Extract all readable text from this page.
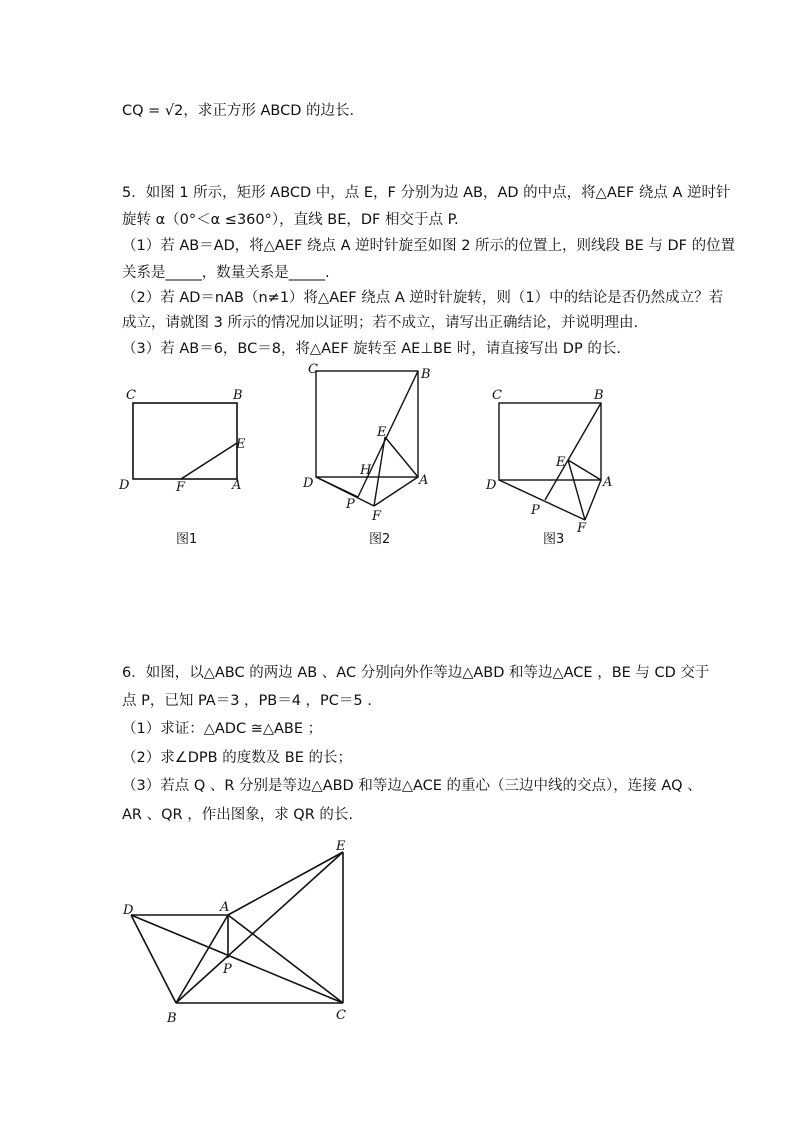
CQ = √2，求正方形 ABCD 的边长．
5．如图 1 所示，矩形 ABCD 中，点 E，F 分别为边 AB，AD 的中点，将△AEF 绕点 A 逆时针
旋转 α（0°＜α ≤360°），直线 BE，DF 相交于点 P.
（1）若 AB＝AD，将△AEF 绕点 A 逆时针旋至如图 2 所示的位置上，则线段 BE 与 DF 的位置
关系是_____，数量关系是_____.
（2）若 AD＝nAB（n≠1）将△AEF 绕点 A 逆时针旋转，则（1）中的结论是否仍然成立？若
成立，请就图 3 所示的情况加以证明；若不成立，请写出正确结论，并说明理由.
（3）若 AB＝6，BC＝8，将△AEF 旋转至 AE⊥BE 时，请直接写出 DP 的长.
C	B
E
D	F	A
图1
C	B
E
H
D	A
P
F
图2
C	B
E
D	A
P
F
图3
6．如图，以△ABC 的两边 AB 、AC 分别向外作等边△ABD 和等边△ACE ，BE 与 CD 交于
点 P，已知 PA＝3 ，PB＝4 ，PC＝5 .
（1）求证：△ADC ≅△ABE ；
（2）求∠DPB 的度数及 BE 的长；
（3）若点 Q 、R 分别是等边△ABD 和等边△ACE 的重心（三边中线的交点），连接 AQ 、
AR 、QR ，作出图象，求 QR 的长.
E
D	A
P
B	C
